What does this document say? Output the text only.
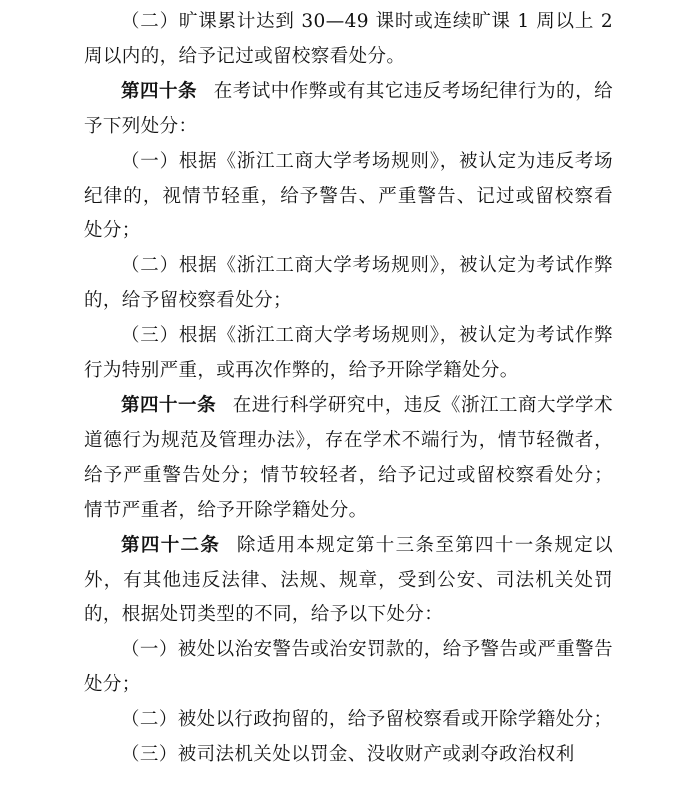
（二）旷课累计达到 30—49 课时或连续旷课 1 周以上 2 周以内的，给予记过或留校察看处分。

第四十条 在考试中作弊或有其它违反考场纪律行为的，给予下列处分：

（一）根据《浙江工商大学考场规则》，被认定为违反考场纪律的，视情节轻重，给予警告、严重警告、记过或留校察看处分；

（二）根据《浙江工商大学考场规则》，被认定为考试作弊的，给予留校察看处分；

（三）根据《浙江工商大学考场规则》，被认定为考试作弊行为特别严重，或再次作弊的，给予开除学籍处分。

第四十一条 在进行科学研究中，违反《浙江工商大学学术道德行为规范及管理办法》，存在学术不端行为，情节轻微者，给予严重警告处分；情节较轻者，给予记过或留校察看处分；情节严重者，给予开除学籍处分。

第四十二条 除适用本规定第十三条至第四十一条规定以外，有其他违反法律、法规、规章，受到公安、司法机关处罚的，根据处罚类型的不同，给予以下处分：

（一）被处以治安警告或治安罚款的，给予警告或严重警告处分；

（二）被处以行政拘留的，给予留校察看或开除学籍处分；

（三）被司法机关处以罚金、没收财产或剥夺政治权利
